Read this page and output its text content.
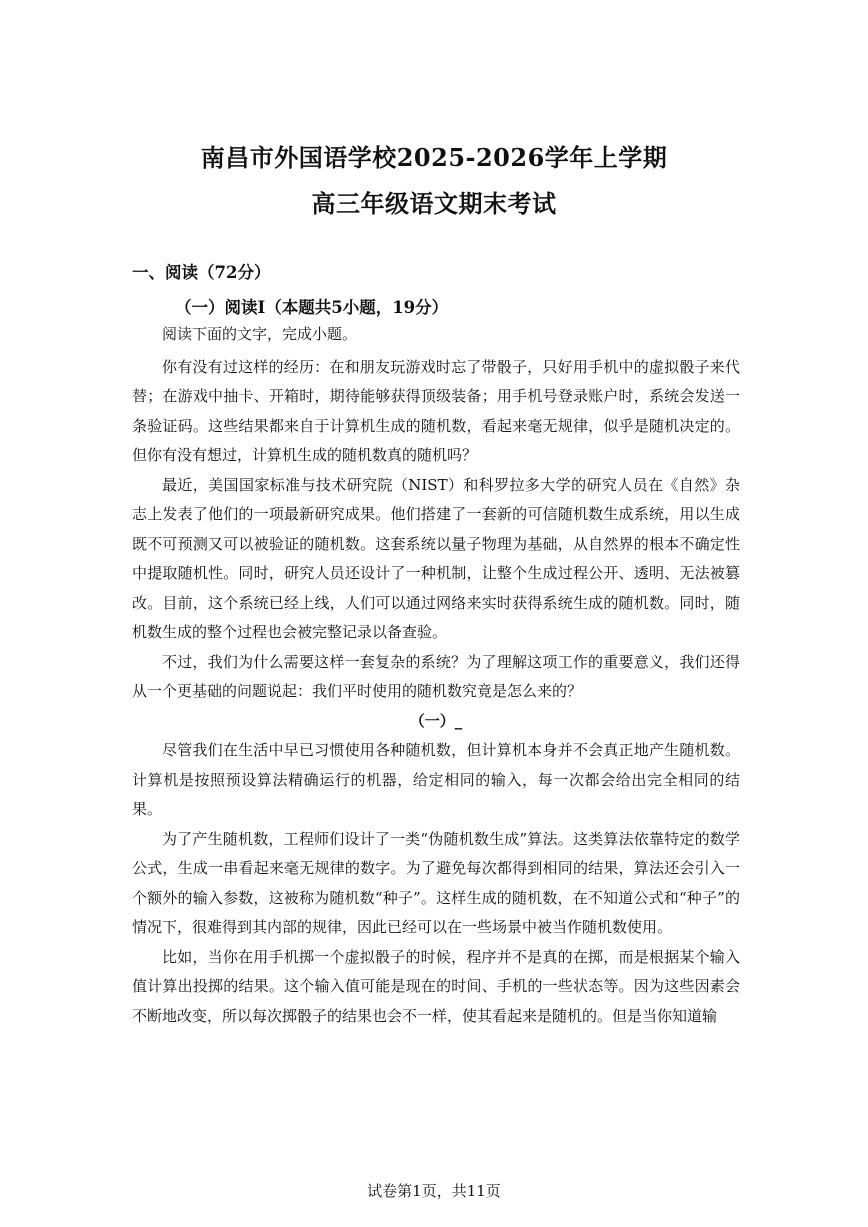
南昌市外国语学校2025-2026学年上学期
高三年级语文期末考试
一、阅读（72分）
（一）阅读I（本题共5小题，19分）

阅读下面的文字，完成小题。

你有没有过这样的经历：在和朋友玩游戏时忘了带骰子，只好用手机中的虚拟骰子来代替；在游戏中抽卡、开箱时，期待能够获得顶级装备；用手机号登录账户时，系统会发送一条验证码。这些结果都来自于计算机生成的随机数，看起来毫无规律，似乎是随机决定的。但你有没有想过，计算机生成的随机数真的随机吗？

最近，美国国家标准与技术研究院（NIST）和科罗拉多大学的研究人员在《自然》杂志上发表了他们的一项最新研究成果。他们搭建了一套新的可信随机数生成系统，用以生成既不可预测又可以被验证的随机数。这套系统以量子物理为基础，从自然界的根本不确定性中提取随机性。同时，研究人员还设计了一种机制，让整个生成过程公开、透明、无法被篡改。目前，这个系统已经上线，人们可以通过网络来实时获得系统生成的随机数。同时，随机数生成的整个过程也会被完整记录以备查验。

不过，我们为什么需要这样一套复杂的系统？为了理解这项工作的重要意义，我们还得从一个更基础的问题说起：我们平时使用的随机数究竟是怎么来的？

（一）_

尽管我们在生活中早已习惯使用各种随机数，但计算机本身并不会真正地产生随机数。计算机是按照预设算法精确运行的机器，给定相同的输入，每一次都会给出完全相同的结果。

为了产生随机数，工程师们设计了一类“伪随机数生成”算法。这类算法依靠特定的数学公式，生成一串看起来毫无规律的数字。为了避免每次都得到相同的结果，算法还会引入一个额外的输入参数，这被称为随机数“种子”。这样生成的随机数，在不知道公式和“种子”的情况下，很难得到其内部的规律，因此已经可以在一些场景中被当作随机数使用。

比如，当你在用手机掷一个虚拟骰子的时候，程序并不是真的在掷，而是根据某个输入值计算出投掷的结果。这个输入值可能是现在的时间、手机的一些状态等。因为这些因素会不断地改变，所以每次掷骰子的结果也会不一样，使其看起来是随机的。但是当你知道输

试卷第1页，共11页
